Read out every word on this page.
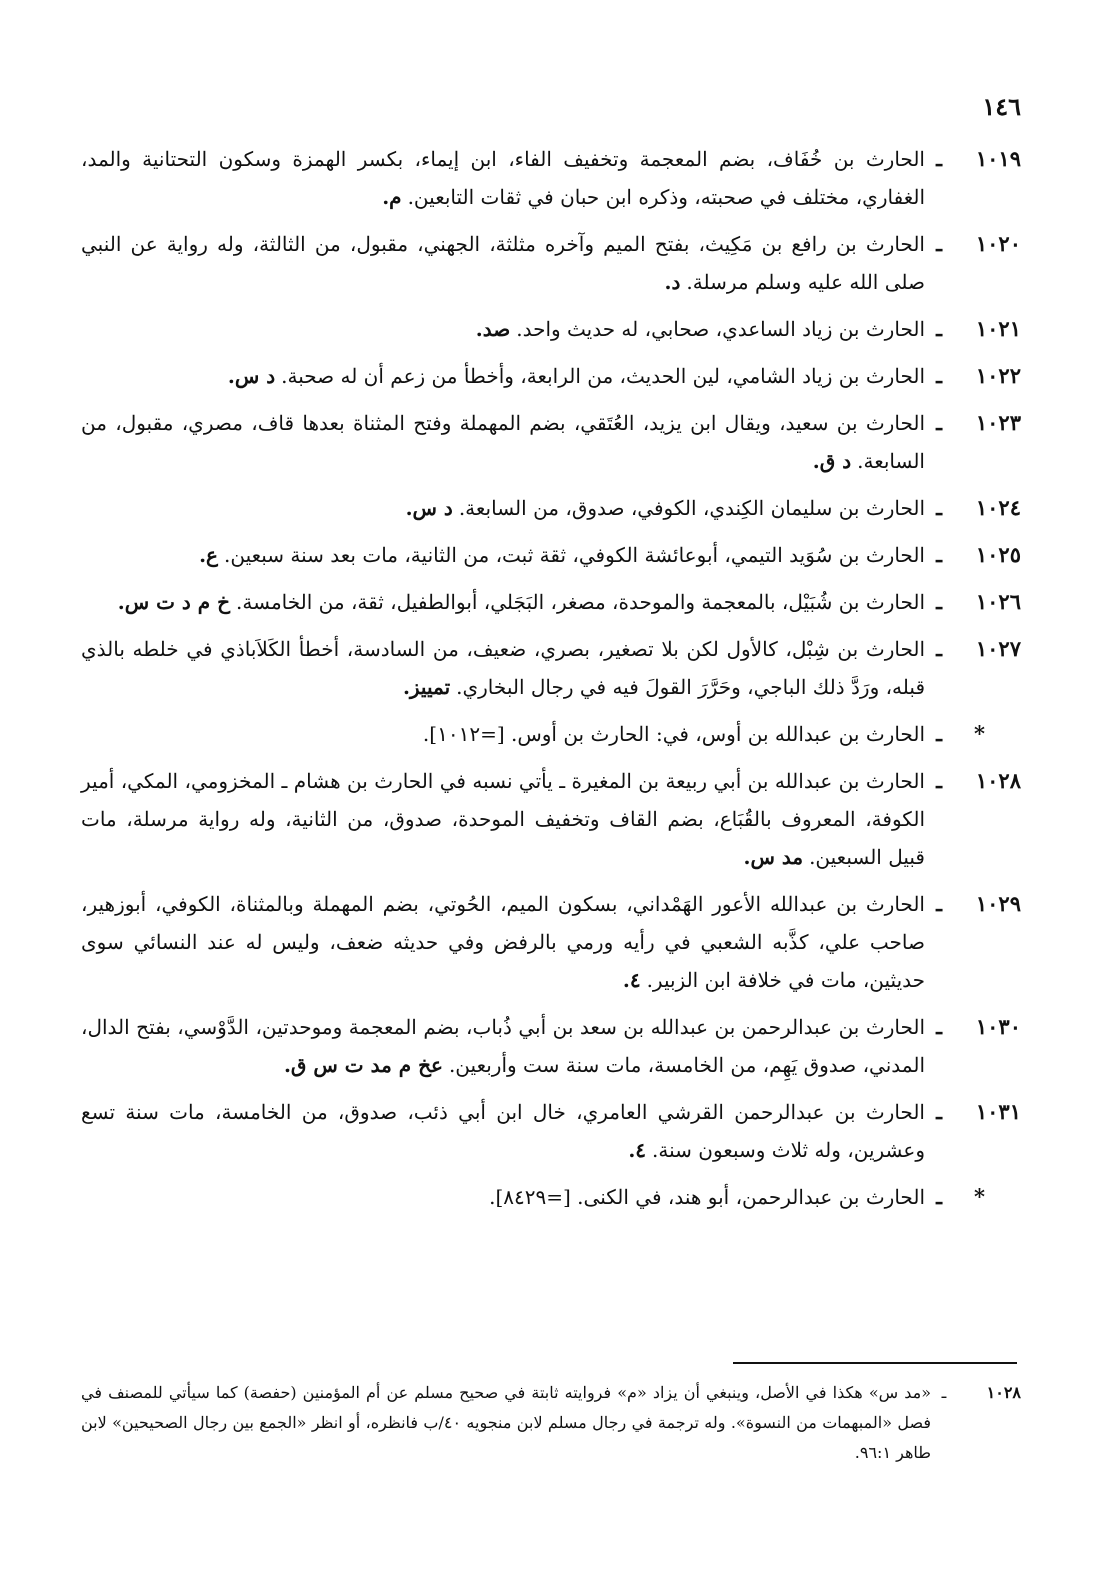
١٤٦
١٠١٩
ـ
الحارث بن خُفَاف، بضم المعجمة وتخفيف الفاء، ابن إيماء، بكسر الهمزة وسكون التحتانية والمد، الغفاري، مختلف في صحبته، وذكره ابن حبان في ثقات التابعين.م.
١٠٢٠
ـ
الحارث بن رافع بن مَكِيث، بفتح الميم وآخره مثلثة، الجهني، مقبول، من الثالثة، وله رواية عن النبي صلى الله عليه وسلم مرسلة.د.
١٠٢١
ـ
الحارث بن زياد الساعدي، صحابي، له حديث واحد.صد.
١٠٢٢
ـ
الحارث بن زياد الشامي، لين الحديث، من الرابعة، وأخطأ من زعم أن له صحبة.د س.
١٠٢٣
ـ
الحارث بن سعيد، ويقال ابن يزيد، العُتَقي، بضم المهملة وفتح المثناة بعدها قاف، مصري، مقبول، من السابعة.د ق.
١٠٢٤
ـ
الحارث بن سليمان الكِندي، الكوفي، صدوق، من السابعة.د س.
١٠٢٥
ـ
الحارث بن سُوَيد التيمي، أبوعائشة الكوفي، ثقة ثبت، من الثانية، مات بعد سنة سبعين.ع.
١٠٢٦
ـ
الحارث بن شُبَيْل، بالمعجمة والموحدة، مصغر، البَجَلي، أبوالطفيل، ثقة، من الخامسة.خ م د ت س.
١٠٢٧
ـ
الحارث بن شِبْل، كالأول لكن بلا تصغير، بصري، ضعيف، من السادسة، أخطأ الكَلاَباذي في خلطه بالذي قبله، ورَدَّ ذلك الباجي، وحَرَّرَ القولَ فيه في رجال البخاري.تمييز.
*
ـ
الحارث بن عبدالله بن أوس، في: الحارث بن أوس. [=١٠١٢].
١٠٢٨
ـ
الحارث بن عبدالله بن أبي ربيعة بن المغيرة ـ يأتي نسبه في الحارث بن هشام ـ المخزومي، المكي، أمير الكوفة، المعروف بالقُبَاع، بضم القاف وتخفيف الموحدة، صدوق، من الثانية، وله رواية مرسلة، مات قبيل السبعين.مد س.
١٠٢٩
ـ
الحارث بن عبدالله الأعور الهَمْداني، بسكون الميم، الحُوتي، بضم المهملة وبالمثناة، الكوفي، أبوزهير، صاحب علي، كذَّبه الشعبي في رأيه ورمي بالرفض وفي حديثه ضعف، وليس له عند النسائي سوى حديثين، مات في خلافة ابن الزبير.٤.
١٠٣٠
ـ
الحارث بن عبدالرحمن بن عبدالله بن سعد بن أبي ذُباب، بضم المعجمة وموحدتين، الدَّوْسي، بفتح الدال، المدني، صدوق يَهِم، من الخامسة، مات سنة ست وأربعين.عخ م مد ت س ق.
١٠٣١
ـ
الحارث بن عبدالرحمن القرشي العامري، خال ابن أبي ذئب، صدوق، من الخامسة، مات سنة تسع وعشرين، وله ثلاث وسبعون سنة.٤.
*
ـ
الحارث بن عبدالرحمن، أبو هند، في الكنى. [=٨٤٢٩].
١٠٢٨
ـ
«مد س» هكذا في الأصل، وينبغي أن يزاد «م» فروايته ثابتة في صحيح مسلم عن أم المؤمنين (حفصة) كما سيأتي للمصنف في فصل «المبهمات من النسوة». وله ترجمة في رجال مسلم لابن منجويه ٤٠/ب فانظره، أو انظر «الجمع بين رجال الصحيحين» لابن طاهر ٩٦:١.
